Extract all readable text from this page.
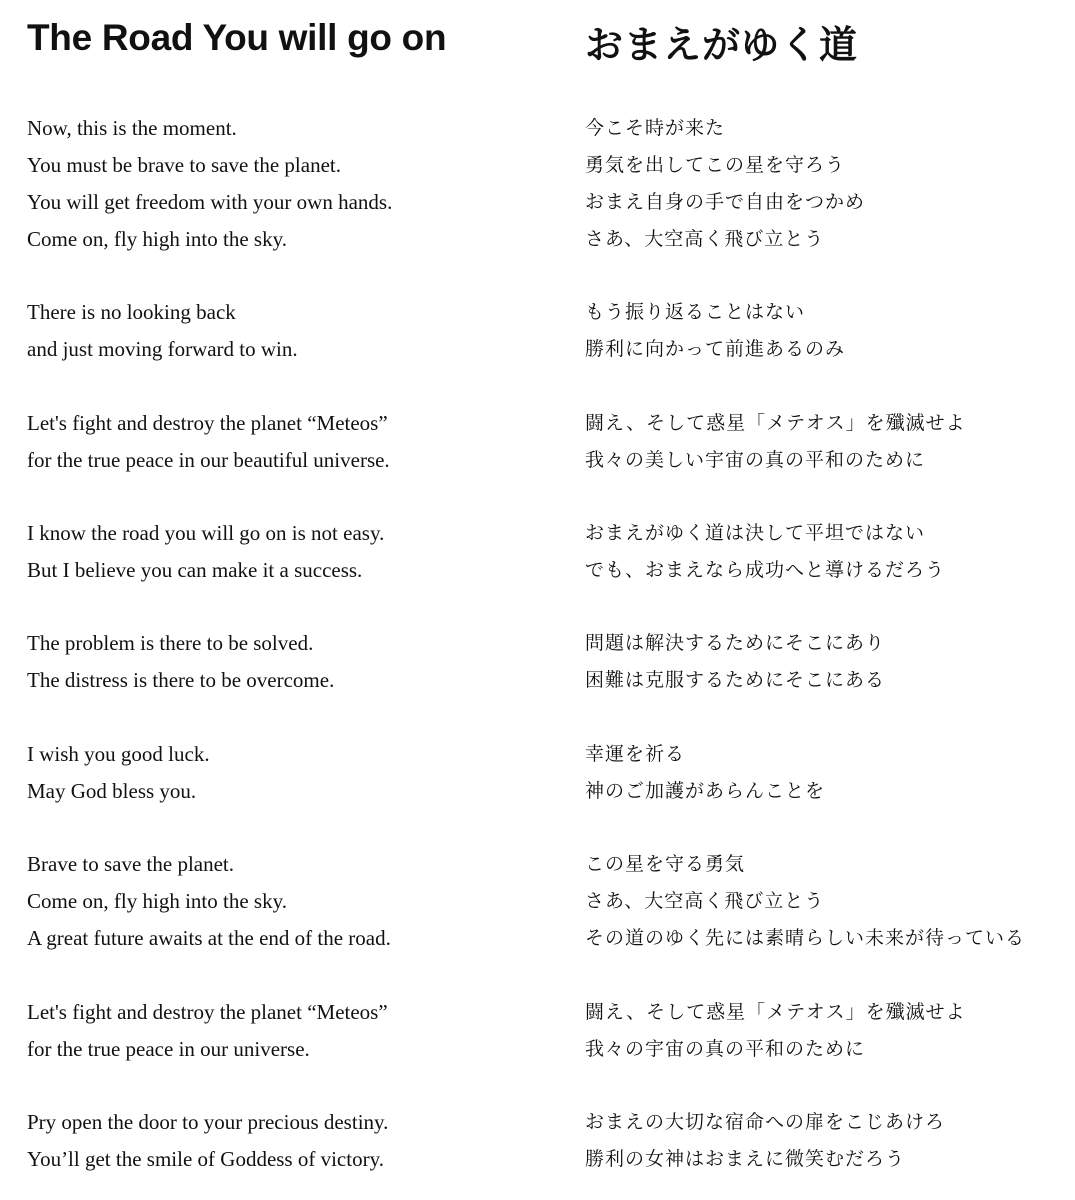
The Road You will go on
Now, this is the moment.
You must be brave to save the planet.
You will get freedom with your own hands.
Come on, fly high into the sky.
There is no looking back
and just moving forward to win.
Let's fight and destroy the planet “Meteos”
for the true peace in our beautiful universe.
I know the road you will go on is not easy.
But I believe you can make it a success.
The problem is there to be solved.
The distress is there to be overcome.
I wish you good luck.
May God bless you.
Brave to save the planet.
Come on, fly high into the sky.
A great future awaits at the end of the road.
Let's fight and destroy the planet “Meteos”
for the true peace in our universe.
Pry open the door to your precious destiny.
You’ll get the smile of Goddess of victory.
おまえがゆく道
今こそ時が来た
勇気を出してこの星を守ろう
おまえ自身の手で自由をつかめ
さあ、大空高く飛び立とう
もう振り返ることはない
勝利に向かって前進あるのみ
闘え、そして惑星「メテオス」を殲滅せよ
我々の美しい宇宙の真の平和のために
おまえがゆく道は決して平坦ではない
でも、おまえなら成功へと導けるだろう
問題は解決するためにそこにあり
困難は克服するためにそこにある
幸運を祈る
神のご加護があらんことを
この星を守る勇気
さあ、大空高く飛び立とう
その道のゆく先には素晴らしい未来が待っている
闘え、そして惑星「メテオス」を殲滅せよ
我々の宇宙の真の平和のために
おまえの大切な宿命への扉をこじあけろ
勝利の女神はおまえに微笑むだろう
